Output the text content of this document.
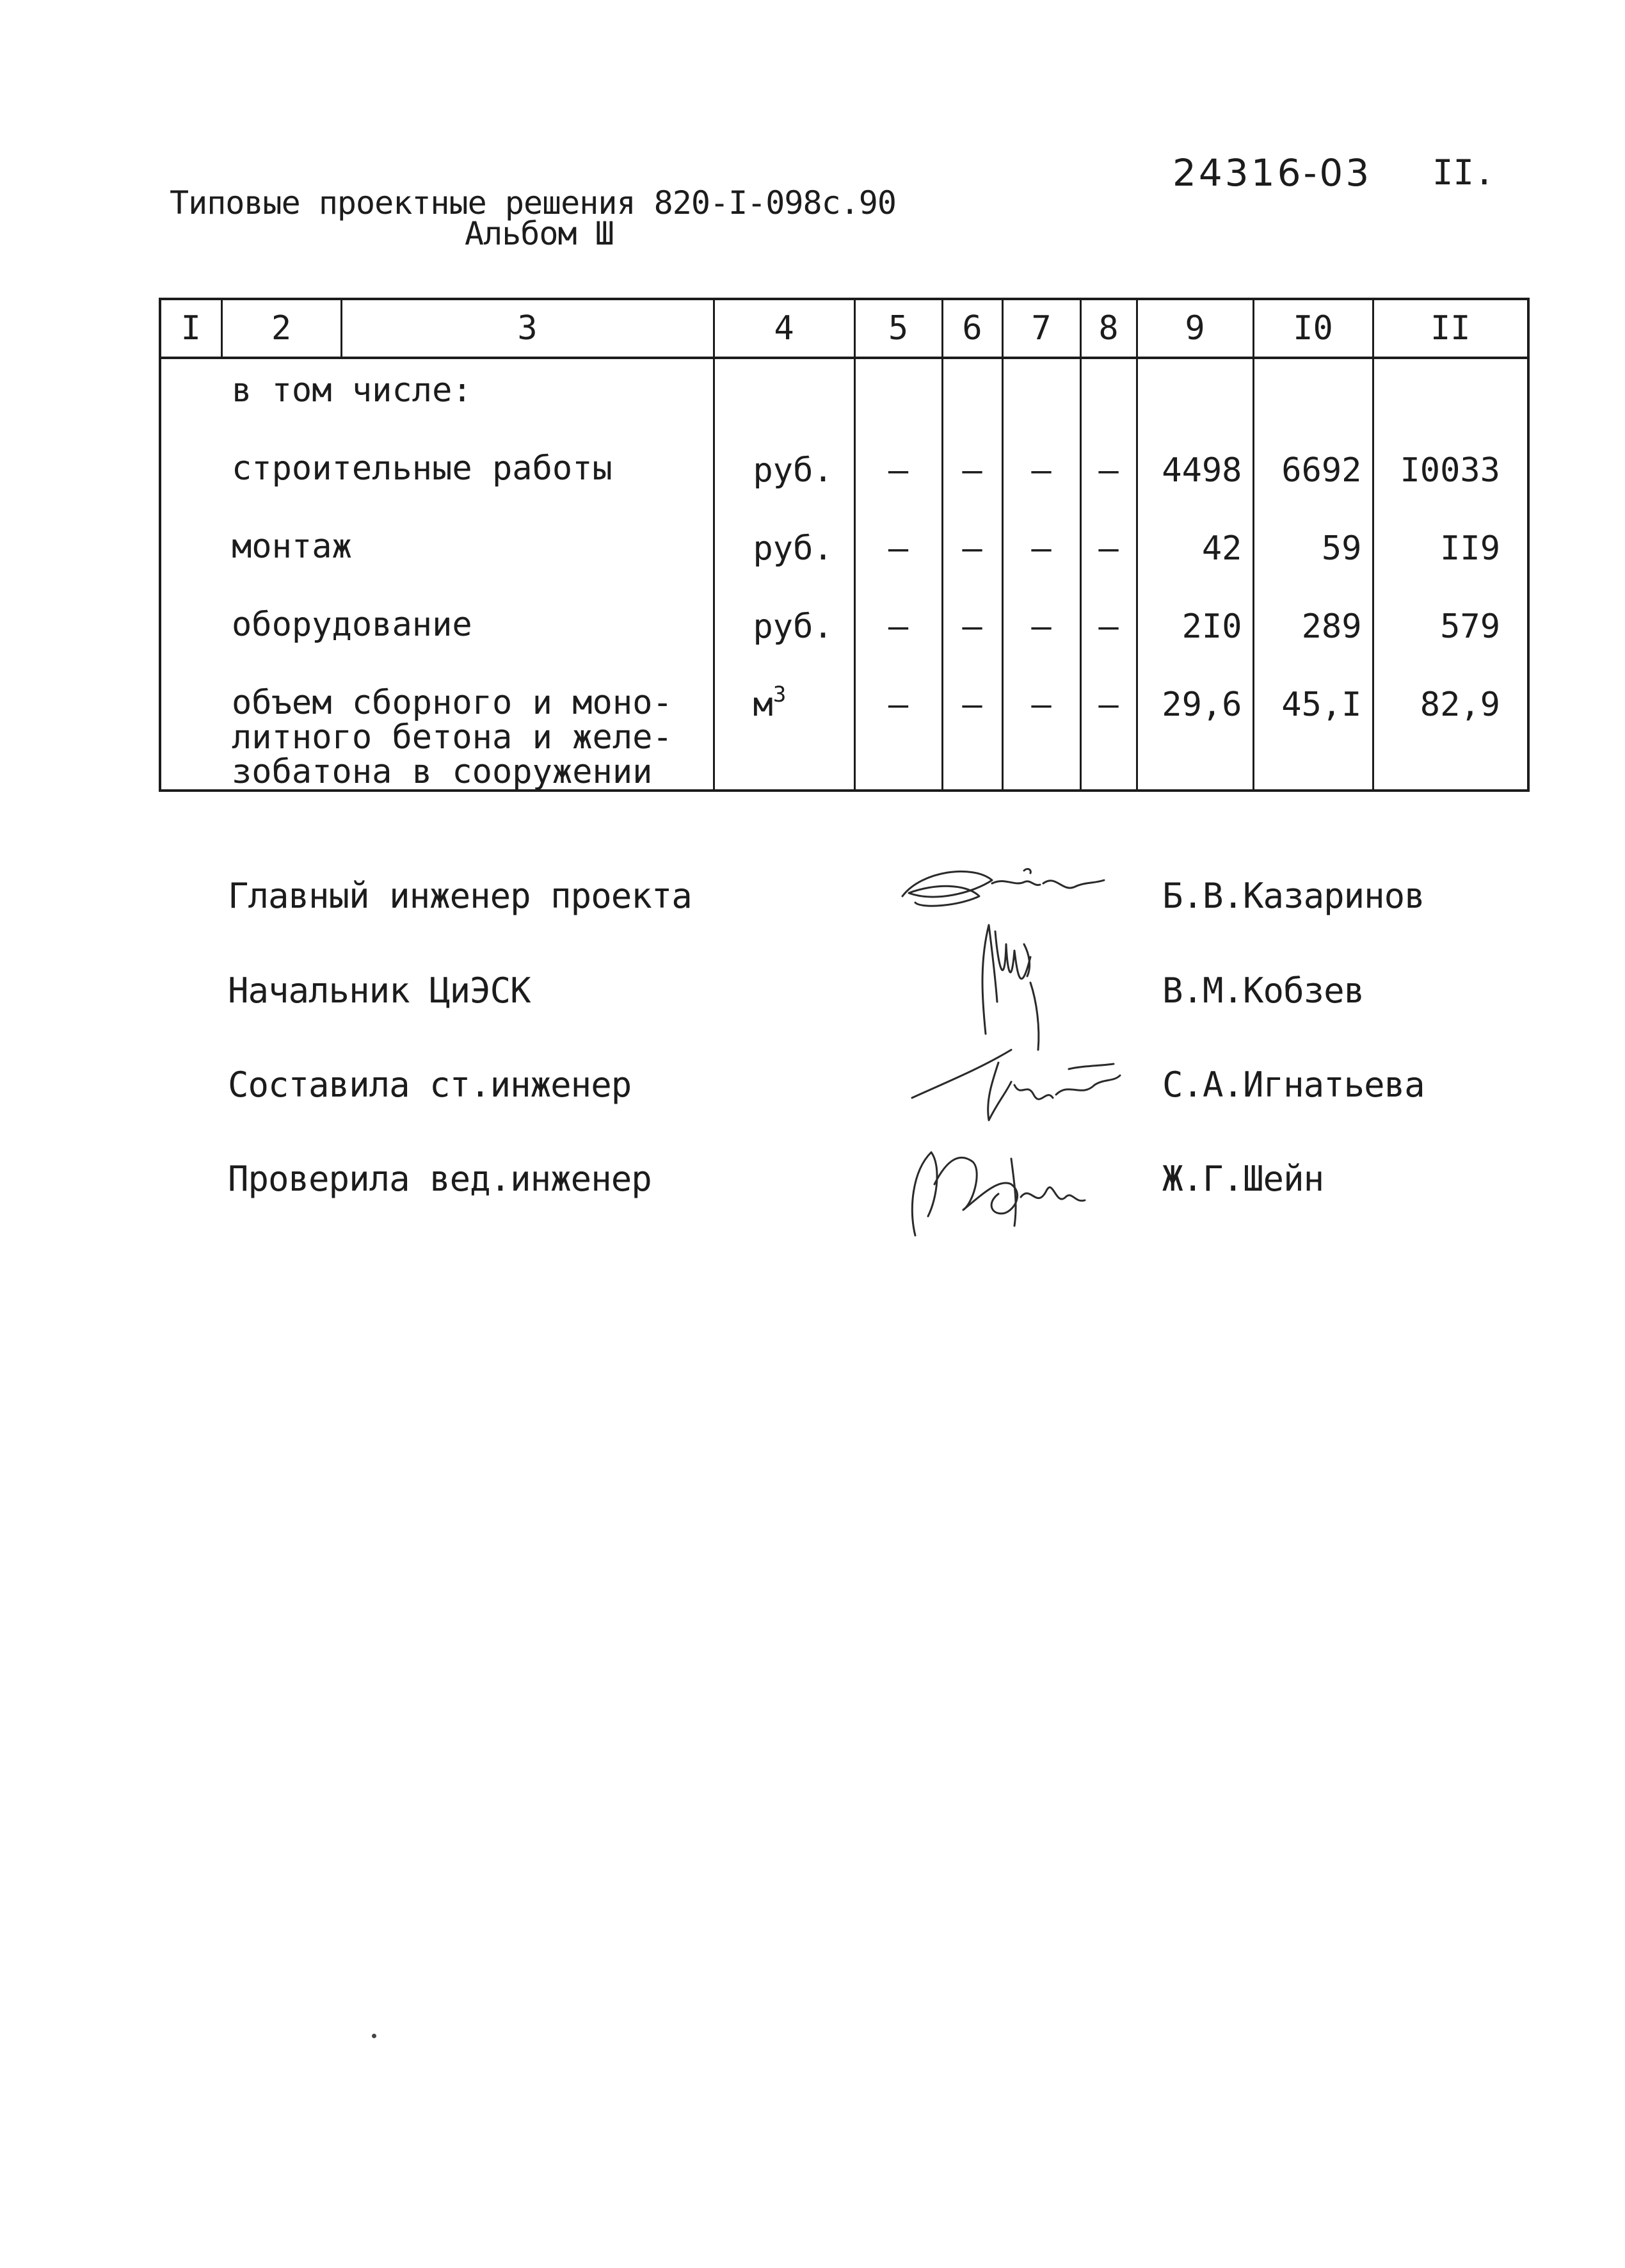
24316-03 II.
Типовые проектные решения 820-I-098с.90
Альбом Ш
I	2	3	4	5	6	7	8	9	I0	II
в том числе:										
строительные работы			руб.	–	–	–	–	4498	6692	I0033
монтаж			руб.	–	–	–	–	42	59	II9
оборудование			руб.	–	–	–	–	2I0	289	579

объем сборного и моно-
литного бетона и желе-
зобатона в сооружении			$м^3$	–	–	–	–	29,6	45,I	82,9
Главный инженер проекта	Б.В.Казаринов
Начальник ЦиЭСК	В.М.Кобзев
Составила ст.инженер	С.А.Игнатьева
Проверила вед.инженер	Ж.Г.Шейн
